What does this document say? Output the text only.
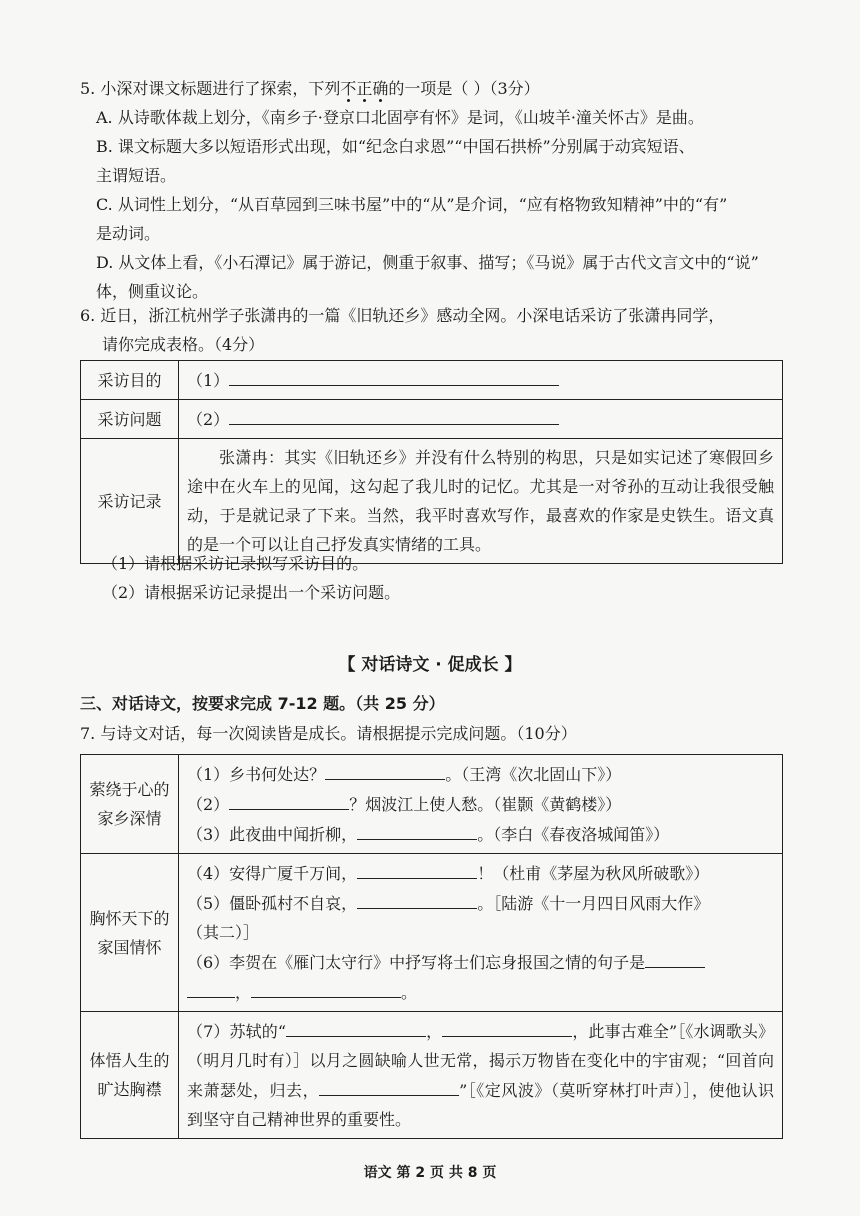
5. 小深对课文标题进行了探索，下列不正确的一项是（ ）（3分）

A. 从诗歌体裁上划分，《南乡子·登京口北固亭有怀》是词，《山坡羊·潼关怀古》是曲。

B. 课文标题大多以短语形式出现，如“纪念白求恩”“中国石拱桥”分别属于动宾短语、
主谓短语。

C. 从词性上划分，“从百草园到三味书屋”中的“从”是介词，“应有格物致知精神”中的“有”
是动词。

D. 从文体上看，《小石潭记》属于游记，侧重于叙事、描写；《马说》属于古代文言文中的“说”
体，侧重议论。

6. 近日，浙江杭州学子张潇冉的一篇《旧轨还乡》感动全网。小深电话采访了张潇冉同学，

请你完成表格。（4分）

采访目的	（1）
采访问题	（2）
采访记录	张潇冉：其实《旧轨还乡》并没有什么特别的构思，只是如实记述了寒假回乡途中在火车上的见闻，这勾起了我儿时的记忆。尤其是一对爷孙的互动让我很受触动，于是就记录了下来。当然，我平时喜欢写作，最喜欢的作家是史铁生。语文真的是一个可以让自己抒发真实情绪的工具。

（1）请根据采访记录拟写采访目的。

（2）请根据采访记录提出一个采访问题。

【 对话诗文 · 促成长 】
三、对话诗文，按要求完成 7-12 题。（共 25 分）

7. 与诗文对话，每一次阅读皆是成长。请根据提示完成问题。（10分）

萦绕于心的家乡深情	（1）乡书何处达？ 。（王湾《次北固山下》）
（2） ？烟波江上使人愁。（崔颢《黄鹤楼》）
（3）此夜曲中闻折柳， 。（李白《春夜洛城闻笛》）

胸怀天下的家国情怀	（4）安得广厦千万间， ！（杜甫《茅屋为秋风所破歌》）
（5）僵卧孤村不自哀， 。［陆游《十一月四日风雨大作》
（其二）］
（6）李贺在《雁门太守行》中抒写将士们忘身报国之情的句子是
， 。

体悟人生的旷达胸襟	（7）苏轼的“ ， ，此事古难全”［《水调歌头》（明月几时有）］以月之圆缺喻人世无常，揭示万物皆在变化中的宇宙观；“回首向来萧瑟处，归去， ”［《定风波》（莫听穿林打叶声）］，使他认识到坚守自己精神世界的重要性。
语文 第 2 页 共 8 页
